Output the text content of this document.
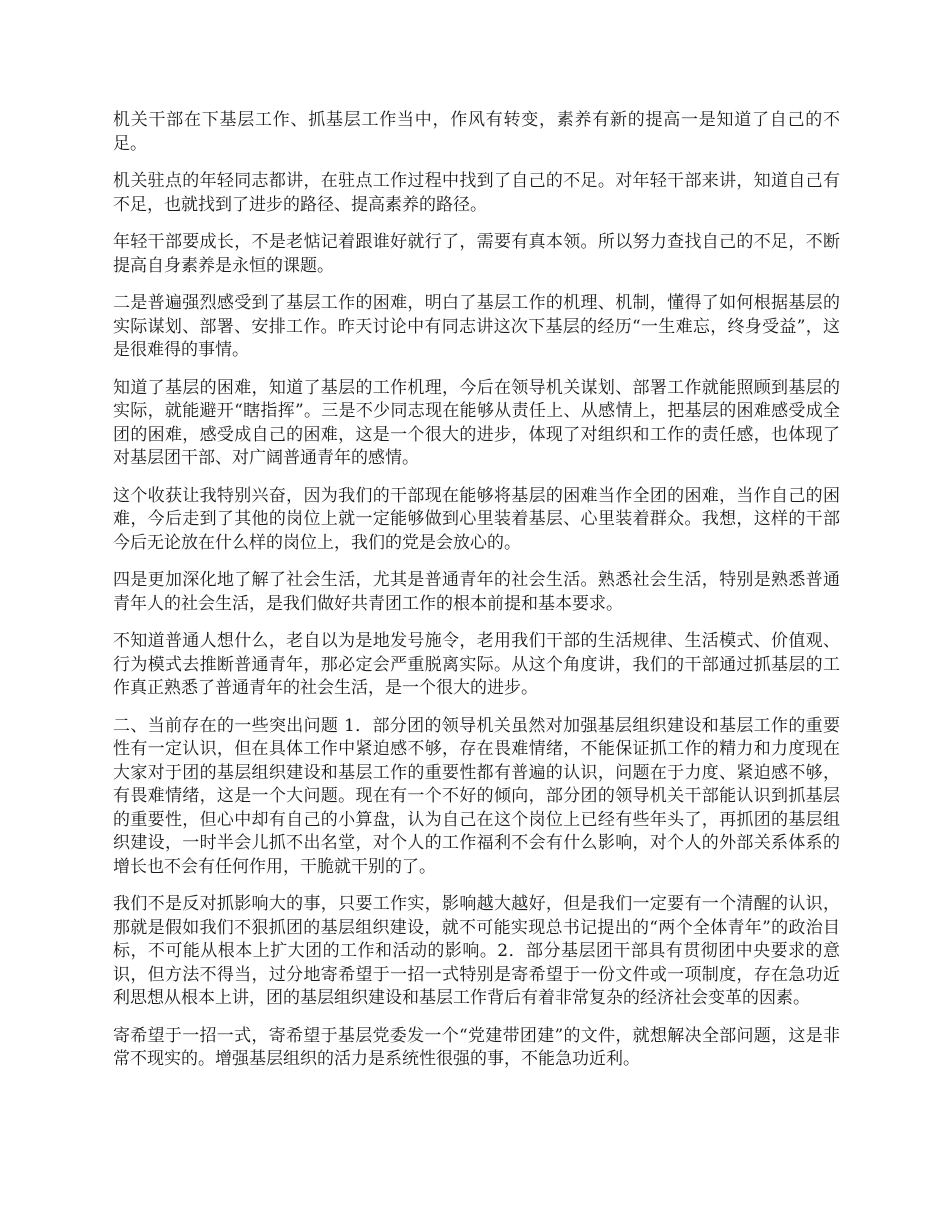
机关干部在下基层工作、抓基层工作当中，作风有转变，素养有新的提高一是知道了自己的不足。

机关驻点的年轻同志都讲，在驻点工作过程中找到了自己的不足。对年轻干部来讲，知道自己有不足，也就找到了进步的路径、提高素养的路径。

年轻干部要成长，不是老惦记着跟谁好就行了，需要有真本领。所以努力查找自己的不足，不断提高自身素养是永恒的课题。

二是普遍强烈感受到了基层工作的困难，明白了基层工作的机理、机制，懂得了如何根据基层的实际谋划、部署、安排工作。昨天讨论中有同志讲这次下基层的经历“一生难忘，终身受益”，这是很难得的事情。

知道了基层的困难，知道了基层的工作机理，今后在领导机关谋划、部署工作就能照顾到基层的实际，就能避开“瞎指挥”。三是不少同志现在能够从责任上、从感情上，把基层的困难感受成全团的困难，感受成自己的困难，这是一个很大的进步，体现了对组织和工作的责任感，也体现了对基层团干部、对广阔普通青年的感情。

这个收获让我特别兴奋，因为我们的干部现在能够将基层的困难当作全团的困难，当作自己的困难，今后走到了其他的岗位上就一定能够做到心里装着基层、心里装着群众。我想，这样的干部今后无论放在什么样的岗位上，我们的党是会放心的。

四是更加深化地了解了社会生活，尤其是普通青年的社会生活。熟悉社会生活，特别是熟悉普通青年人的社会生活，是我们做好共青团工作的根本前提和基本要求。

不知道普通人想什么，老自以为是地发号施令，老用我们干部的生活规律、生活模式、价值观、行为模式去推断普通青年，那必定会严重脱离实际。从这个角度讲，我们的干部通过抓基层的工作真正熟悉了普通青年的社会生活，是一个很大的进步。

二、当前存在的一些突出问题 1．部分团的领导机关虽然对加强基层组织建设和基层工作的重要性有一定认识，但在具体工作中紧迫感不够，存在畏难情绪，不能保证抓工作的精力和力度现在大家对于团的基层组织建设和基层工作的重要性都有普遍的认识，问题在于力度、紧迫感不够，有畏难情绪，这是一个大问题。现在有一个不好的倾向，部分团的领导机关干部能认识到抓基层的重要性，但心中却有自己的小算盘，认为自己在这个岗位上已经有些年头了，再抓团的基层组织建设，一时半会儿抓不出名堂，对个人的工作福利不会有什么影响，对个人的外部关系体系的增长也不会有任何作用，干脆就干别的了。

我们不是反对抓影响大的事，只要工作实，影响越大越好，但是我们一定要有一个清醒的认识，那就是假如我们不狠抓团的基层组织建设，就不可能实现总书记提出的“两个全体青年”的政治目标，不可能从根本上扩大团的工作和活动的影响。2．部分基层团干部具有贯彻团中央要求的意识，但方法不得当，过分地寄希望于一招一式特别是寄希望于一份文件或一项制度，存在急功近利思想从根本上讲，团的基层组织建设和基层工作背后有着非常复杂的经济社会变革的因素。

寄希望于一招一式，寄希望于基层党委发一个“党建带团建”的文件，就想解决全部问题，这是非常不现实的。增强基层组织的活力是系统性很强的事，不能急功近利。
